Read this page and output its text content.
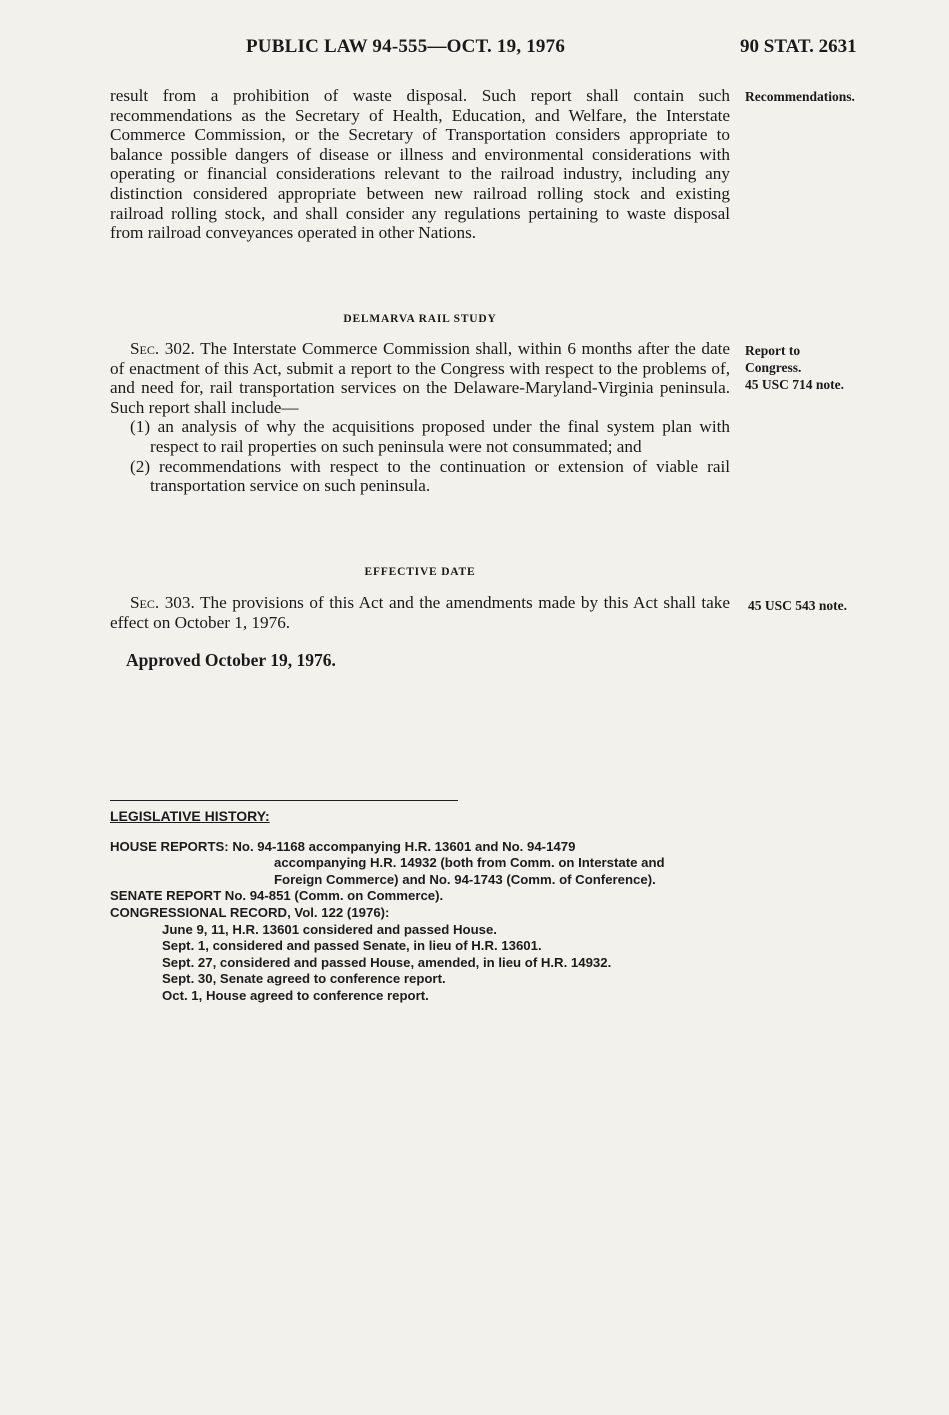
PUBLIC LAW 94-555—OCT. 19, 1976	90 STAT. 2631

result from a prohibition of waste disposal. Such report shall contain such recommendations as the Secretary of Health, Education, and Welfare, the Interstate Commerce Commission, or the Secretary of Transportation considers appropriate to balance possible dangers of disease or illness and environmental considerations with operating or financial considerations relevant to the railroad industry, including any distinction considered appropriate between new railroad rolling stock and existing railroad rolling stock, and shall consider any regulations pertaining to waste disposal from railroad conveyances operated in other Nations.

DELMARVA RAIL STUDY

Sec. 302. The Interstate Commerce Commission shall, within 6 months after the date of enactment of this Act, submit a report to the Congress with respect to the problems of, and need for, rail transportation services on the Delaware-Maryland-Virginia peninsula. Such report shall include—

(1) an analysis of why the acquisitions proposed under the final system plan with respect to rail properties on such peninsula were not consummated; and

(2) recommendations with respect to the continuation or extension of viable rail transportation service on such peninsula.

EFFECTIVE DATE

Sec. 303. The provisions of this Act and the amendments made by this Act shall take effect on October 1, 1976.

Approved October 19, 1976.
Recommendations.
Report to Congress.
45 USC 714 note.
45 USC 543 note.
LEGISLATIVE HISTORY:
HOUSE REPORTS: No. 94-1168 accompanying H.R. 13601 and No. 94-1479
accompanying H.R. 14932 (both from Comm. on Interstate and
Foreign Commerce) and No. 94-1743 (Comm. of Conference).
SENATE REPORT No. 94-851 (Comm. on Commerce).
CONGRESSIONAL RECORD, Vol. 122 (1976):
June 9, 11, H.R. 13601 considered and passed House.
Sept. 1, considered and passed Senate, in lieu of H.R. 13601.
Sept. 27, considered and passed House, amended, in lieu of H.R. 14932.
Sept. 30, Senate agreed to conference report.
Oct. 1, House agreed to conference report.
